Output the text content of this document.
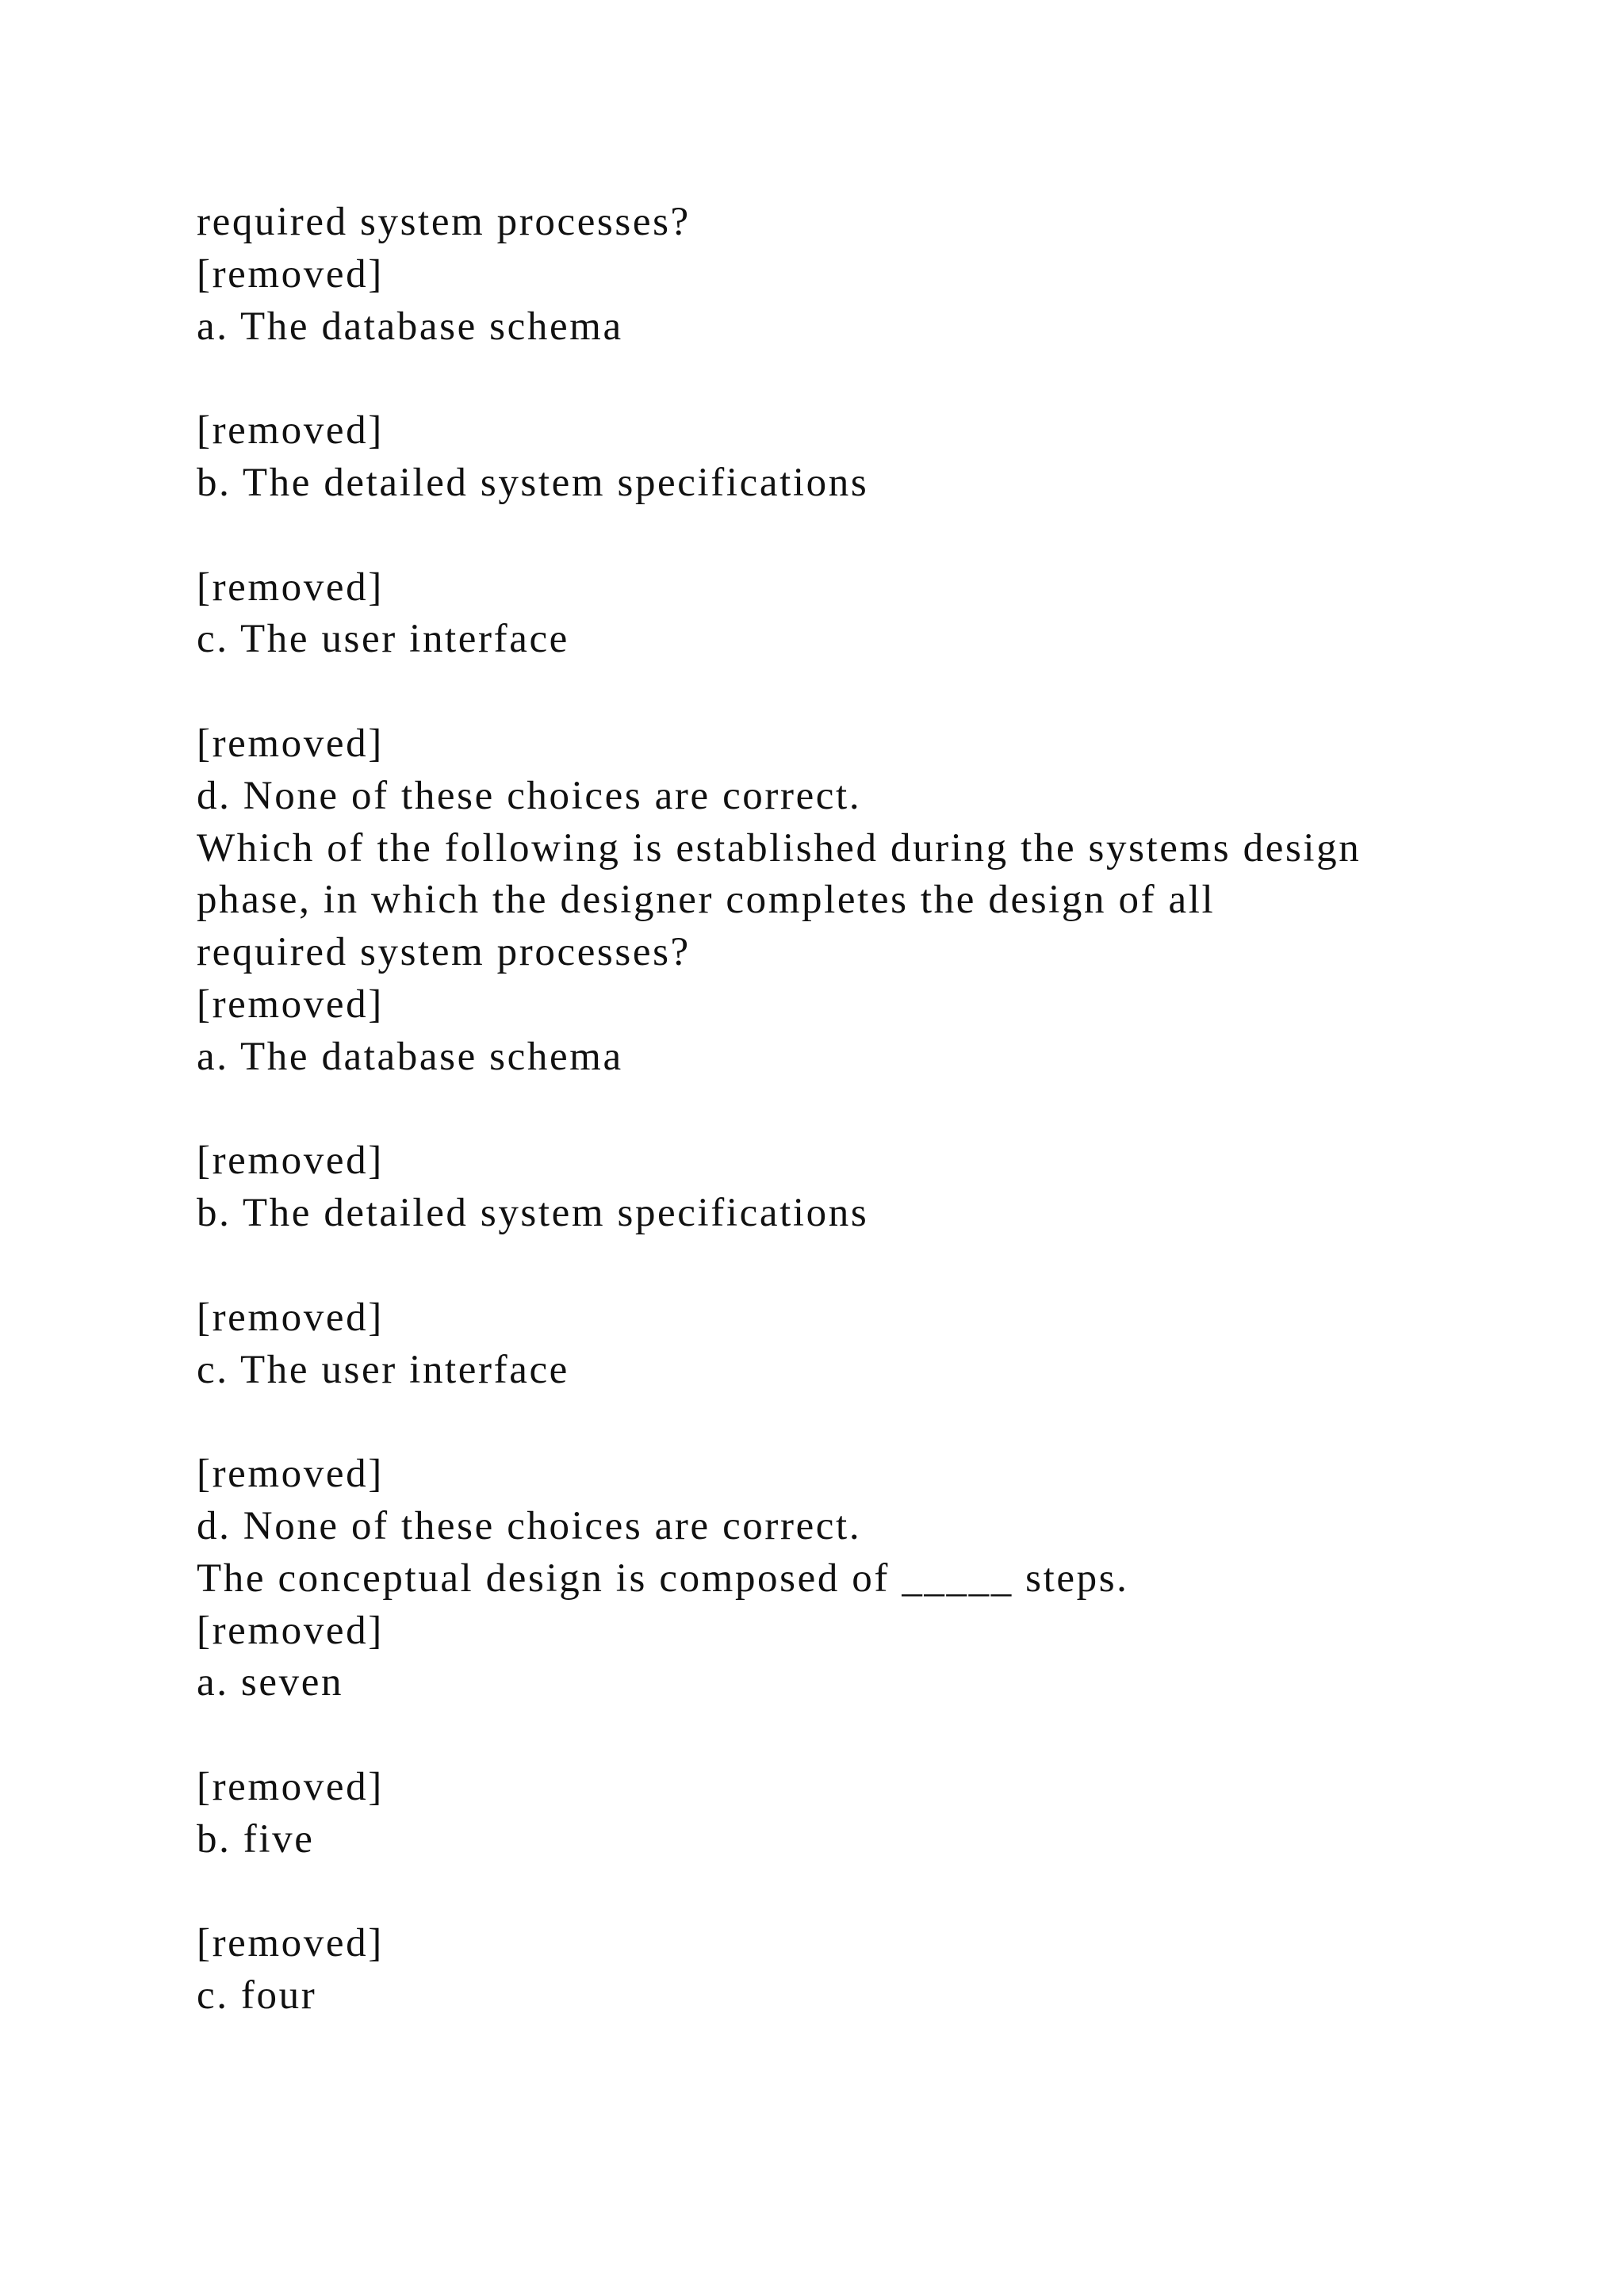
required system processes?
[removed]
a. The database schema
[removed]
b. The detailed system specifications
[removed]
c. The user interface
[removed]
d. None of these choices are correct.
Which of the following is established during the systems design
phase, in which the designer completes the design of all
required system processes?
[removed]
a. The database schema
[removed]
b. The detailed system specifications
[removed]
c. The user interface
[removed]
d. None of these choices are correct.
The conceptual design is composed of _____ steps.
[removed]
a. seven
[removed]
b. five
[removed]
c. four
